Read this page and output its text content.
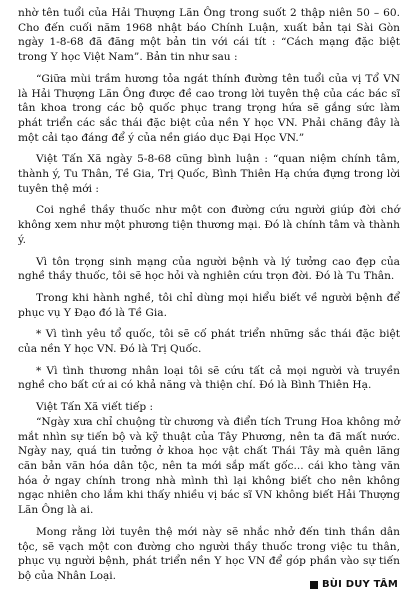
nhờ tên tuổi của Hải Thượng Lãn Ông trong suốt 2 thập niên 50 – 60. Cho đến cuối năm 1968 nhật báo Chính Luận, xuất bản tại Sài Gòn ngày 1-8-68 đã đăng một bản tin với cái tít : “Cách mạng đặc biệt trong Y học Việt Nam”. Bản tin như sau :

“Giữa mùi trầm hương tỏa ngát thính đường tên tuổi của vị Tổ VN là Hải Thượng Lãn Ông được đề cao trong lời tuyên thệ của các bác sĩ tân khoa trong các bộ quốc phục trang trọng hứa sẽ gắng sức làm phát triển các sắc thái đặc biệt của nền Y học VN. Phải chăng đây là một cải tạo đáng để ý của nền giáo dục Đại Học VN.”

Việt Tấn Xã ngày 5-8-68 cũng bình luận : “quan niệm chính tâm, thành ý, Tu Thân, Tề Gia, Trị Quốc, Bình Thiên Hạ chứa đựng trong lời tuyên thệ mới :

Coi nghề thầy thuốc như một con đường cứu người giúp đời chớ không xem như một phương tiện thương mại. Đó là chính tâm và thành ý.

Vì tôn trọng sinh mạng của người bệnh và lý tưởng cao đẹp của nghề thầy thuốc, tôi sẽ học hỏi và nghiên cứu trọn đời. Đó là Tu Thân.

Trong khi hành nghề, tôi chỉ dùng mọi hiểu biết về người bệnh để phục vụ Y Đạo đó là Tề Gia.

* Vì tình yêu tổ quốc, tôi sẽ cố phát triển những sắc thái đặc biệt của nền Y học VN. Đó là Trị Quốc.

* Vì tình thương nhân loại tôi sẽ cứu tất cả mọi người và truyền nghề cho bất cứ ai có khả năng và thiện chí. Đó là Bình Thiên Hạ.

Việt Tấn Xã viết tiếp :

“Ngày xưa chỉ chuộng từ chương và điển tích Trung Hoa không mở mắt nhìn sự tiến bộ và kỹ thuật của Tây Phương, nên ta đã mất nước. Ngày nay, quá tin tưởng ở khoa học vật chất Thái Tây mà quên lãng căn bản văn hóa dân tộc, nên ta mới sắp mất gốc... cái kho tàng văn hóa ở ngay chính trong nhà mình thì lại không biết cho nên không ngạc nhiên cho lắm khi thấy nhiều vị bác sĩ VN không biết Hải Thượng Lãn Ông là ai.

Mong rằng lời tuyên thệ mới này sẽ nhắc nhở đến tinh thần dân tộc, sẽ vạch một con đường cho người thầy thuốc trong việc tu thân, phục vụ người bệnh, phát triển nền Y học VN để góp phần vào sự tiến bộ của Nhân Loại.

BÙI DUY TÂM
